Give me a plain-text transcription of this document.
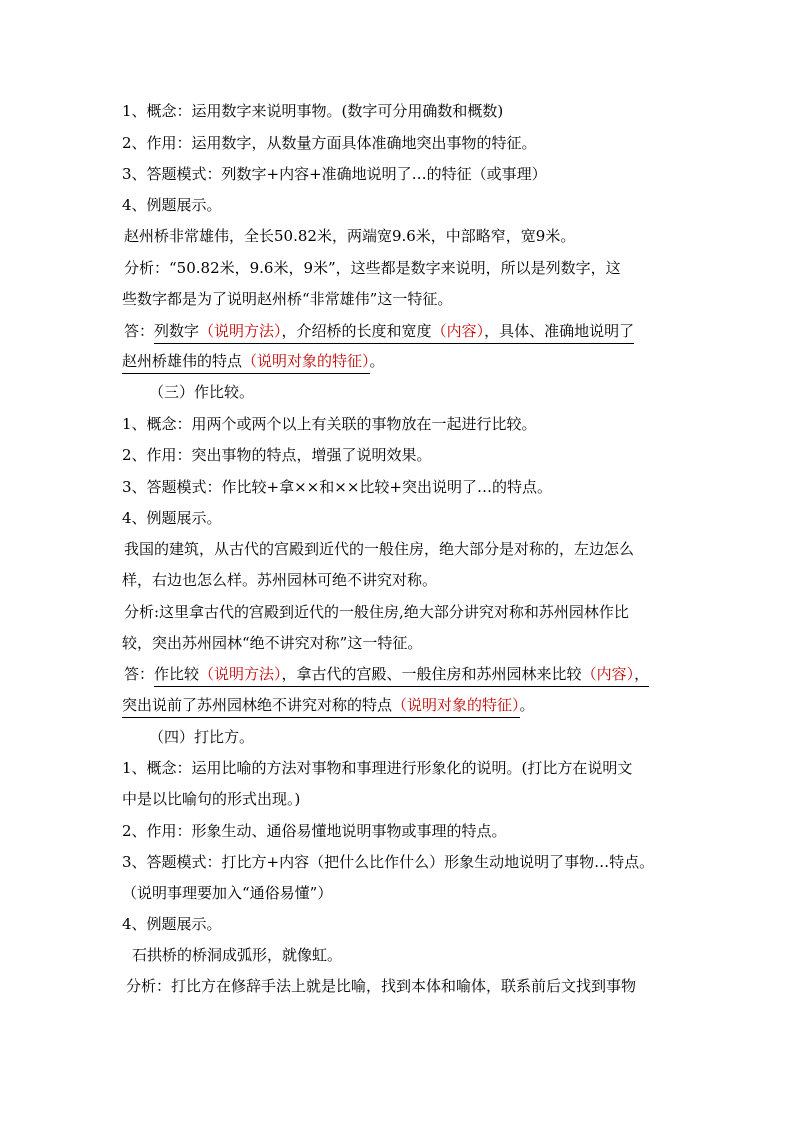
1、概念：运用数字来说明事物。(数字可分用确数和概数)
2、作用：运用数字，从数量方面具体准确地突出事物的特征。
3、答题模式：列数字+内容+准确地说明了…的特征（或事理）
4、例题展示。
赵州桥非常雄伟，全长50.82米，两端宽9.6米，中部略窄，宽9米。
分析：“50.82米，9.6米，9米”，这些都是数字来说明，所以是列数字，这
些数字都是为了说明赵州桥“非常雄伟”这一特征。
答：列数字（说明方法），介绍桥的长度和宽度（内容），具体、准确地说明了
赵州桥雄伟的特点（说明对象的特征）。
（三）作比较。
1、概念：用两个或两个以上有关联的事物放在一起进行比较。
2、作用：突出事物的特点，增强了说明效果。
3、答题模式：作比较+拿××和××比较+突出说明了…的特点。
4、例题展示。
我国的建筑，从古代的宫殿到近代的一般住房，绝大部分是对称的，左边怎么
样，右边也怎么样。苏州园林可绝不讲究对称。
分析:这里拿古代的宫殿到近代的一般住房,绝大部分讲究对称和苏州园林作比
较，突出苏州园林“绝不讲究对称”这一特征。
答：作比较（说明方法），拿古代的宫殿、一般住房和苏州园林来比较（内容），
突出说前了苏州园林绝不讲究对称的特点（说明对象的特征）。
（四）打比方。
1、概念：运用比喻的方法对事物和事理进行形象化的说明。(打比方在说明文
中是以比喻句的形式出现。)
2、作用：形象生动、通俗易懂地说明事物或事理的特点。
3、答题模式：打比方+内容（把什么比作什么）形象生动地说明了事物…特点。
（说明事理要加入“通俗易懂”）
4、例题展示。
石拱桥的桥洞成弧形，就像虹。
分析：打比方在修辞手法上就是比喻，找到本体和喻体，联系前后文找到事物
